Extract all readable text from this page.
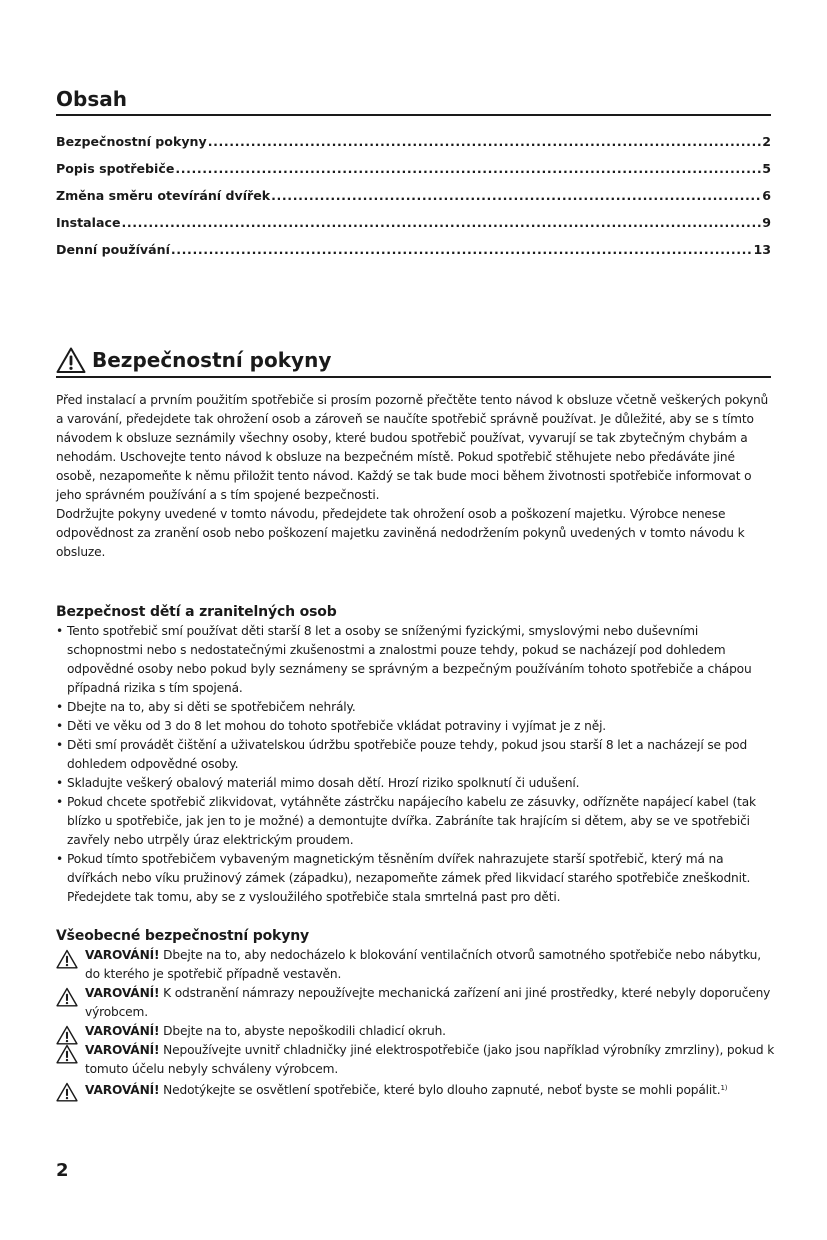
Obsah
Bezpečnostní pokyny .....	2
Popis spotřebiče .....	5
Změna směru otevírání dvířek .....	6
Instalace .....	9
Denní používání .....	13
Bezpečnostní pokyny

Před instalací a prvním použitím spotřebiče si prosím pozorně přečtěte tento návod k obsluze včetně veškerých pokynů a varování, předejdete tak ohrožení osob a zároveň se naučíte spotřebič správně používat. Je důležité, aby se s tímto návodem k obsluze seznámily všechny osoby, které budou spotřebič používat, vyvarují se tak zbytečným chybám a nehodám. Uschovejte tento návod k obsluze na bezpečném místě. Pokud spotřebič stěhujete nebo předáváte jiné osobě, nezapomeňte k němu přiložit tento návod. Každý se tak bude moci během životnosti spotřebiče informovat o jeho správném používání a s tím spojené bezpečnosti.

Dodržujte pokyny uvedené v tomto návodu, předejdete tak ohrožení osob a poškození majetku. Výrobce nenese odpovědnost za zranění osob nebo poškození majetku zaviněná nedodržením pokynů uvedených v tomto návodu k obsluze.

Bezpečnost dětí a zranitelných osob
• Tento spotřebič smí používat děti starší 8 let a osoby se sníženými fyzickými, smyslovými nebo duševními schopnostmi nebo s nedostatečnými zkušenostmi a znalostmi pouze tehdy, pokud se nacházejí pod dohledem odpovědné osoby nebo pokud byly seznámeny se správným a bezpečným používáním tohoto spotřebiče a chápou případná rizika s tím spojená.
• Dbejte na to, aby si děti se spotřebičem nehrály.
• Děti ve věku od 3 do 8 let mohou do tohoto spotřebiče vkládat potraviny i vyjímat je z něj.
• Děti smí provádět čištění a uživatelskou údržbu spotřebiče pouze tehdy, pokud jsou starší 8 let a nacházejí se pod dohledem odpovědné osoby.
• Skladujte veškerý obalový materiál mimo dosah dětí. Hrozí riziko spolknutí či udušení.
• Pokud chcete spotřebič zlikvidovat, vytáhněte zástrčku napájecího kabelu ze zásuvky, odřízněte napájecí kabel (tak blízko u spotřebiče, jak jen to je možné) a demontujte dvířka. Zabráníte tak hrajícím si dětem, aby se ve spotřebiči zavřely nebo utrpěly úraz elektrickým proudem.
• Pokud tímto spotřebičem vybaveným magnetickým těsněním dvířek nahrazujete starší spotřebič, který má na dvířkách nebo víku pružinový zámek (západku), nezapomeňte zámek před likvidací starého spotřebiče zneškodnit. Předejdete tak tomu, aby se z vysloužilého spotřebiče stala smrtelná past pro děti.
Všeobecné bezpečnostní pokyny
VAROVÁNÍ! Dbejte na to, aby nedocházelo k blokování ventilačních otvorů samotného spotřebiče nebo nábytku, do kterého je spotřebič případně vestavěn.
VAROVÁNÍ! K odstranění námrazy nepoužívejte mechanická zařízení ani jiné prostředky, které nebyly doporučeny výrobcem.
VAROVÁNÍ! Dbejte na to, abyste nepoškodili chladicí okruh.
VAROVÁNÍ! Nepoužívejte uvnitř chladničky jiné elektrospotřebiče (jako jsou například výrobníky zmrzliny), pokud k tomuto účelu nebyly schváleny výrobcem.
VAROVÁNÍ! Nedotýkejte se osvětlení spotřebiče, které bylo dlouho zapnuté, neboť byste se mohli popálit.$^{1)}$
2
